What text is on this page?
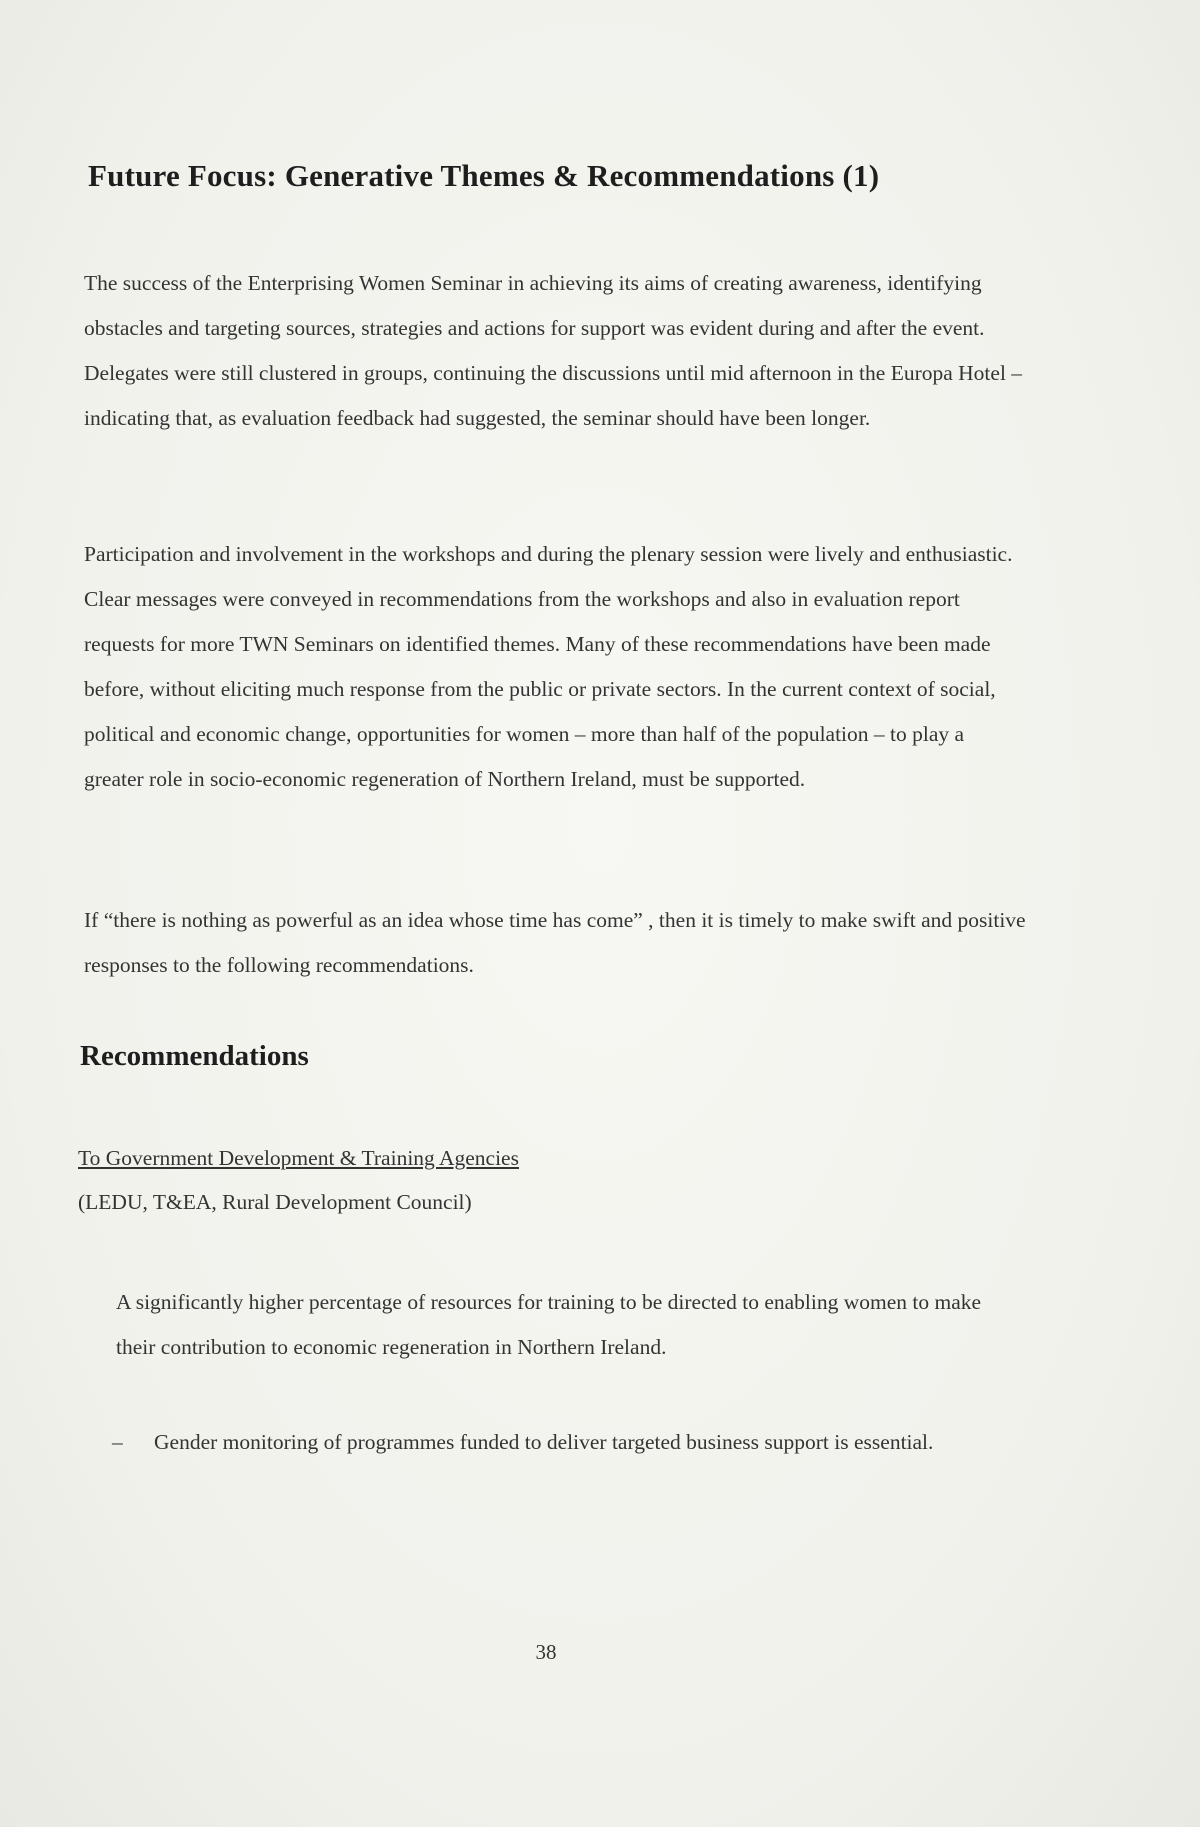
Future Focus: Generative Themes & Recommendations (1)

The success of the Enterprising Women Seminar in achieving its aims of creating awareness, identifying obstacles and targeting sources, strategies and actions for support was evident during and after the event. Delegates were still clustered in groups, continuing the discussions until mid afternoon in the Europa Hotel – indicating that, as evaluation feedback had suggested, the seminar should have been longer.

Participation and involvement in the workshops and during the plenary session were lively and enthusiastic. Clear messages were conveyed in recommendations from the workshops and also in evaluation report requests for more TWN Seminars on identified themes. Many of these recommendations have been made before, without eliciting much response from the public or private sectors. In the current context of social, political and economic change, opportunities for women – more than half of the population – to play a greater role in socio-economic regeneration of Northern Ireland, must be supported.

If “there is nothing as powerful as an idea whose time has come” , then it is timely to make swift and positive responses to the following recommendations.

Recommendations
To Government Development & Training Agencies
(LEDU, T&EA, Rural Development Council)

A significantly higher percentage of resources for training to be directed to enabling women to make their contribution to economic regeneration in Northern Ireland.

– Gender monitoring of programmes funded to deliver targeted business support is essential.

38
